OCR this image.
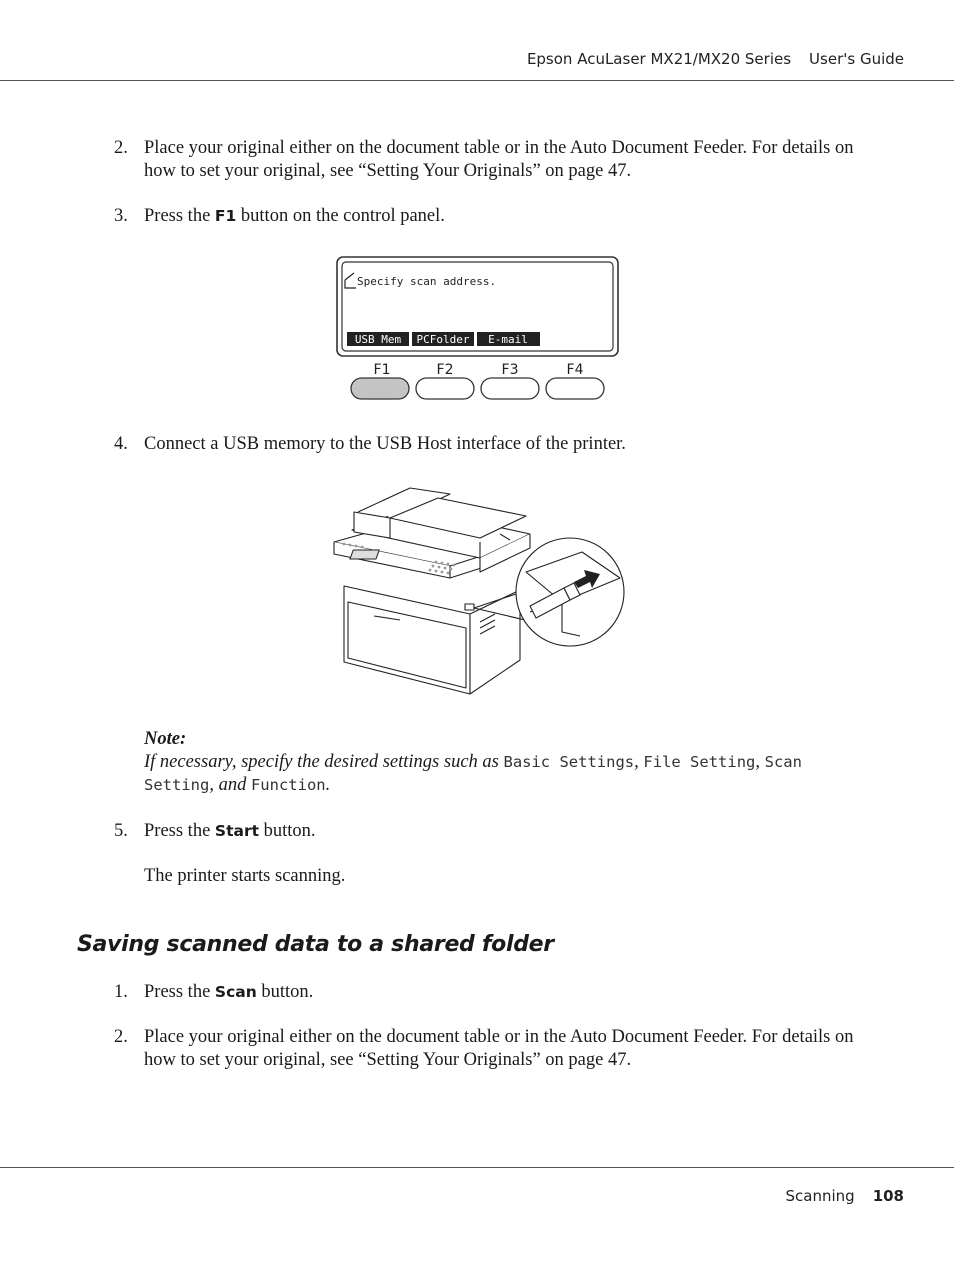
Epson AcuLaser MX21/MX20 Series User's Guide
2. Place your original either on the document table or in the Auto Document Feeder. For details on how to set your original, see “Setting Your Originals” on page 47.
3. Press the F1 button on the control panel.
Specify scan address.
USB Mem PCFolder E-mail
F1	F2	F3	F4
4. Connect a USB memory to the USB Host interface of the printer.
Note:
If necessary, specify the desired settings such as Basic Settings, File Setting, Scan Setting, and Function.
5. Press the Start button.
The printer starts scanning.
Saving scanned data to a shared folder
1. Press the Scan button.
2. Place your original either on the document table or in the Auto Document Feeder. For details on how to set your original, see “Setting Your Originals” on page 47.
Scanning 108
